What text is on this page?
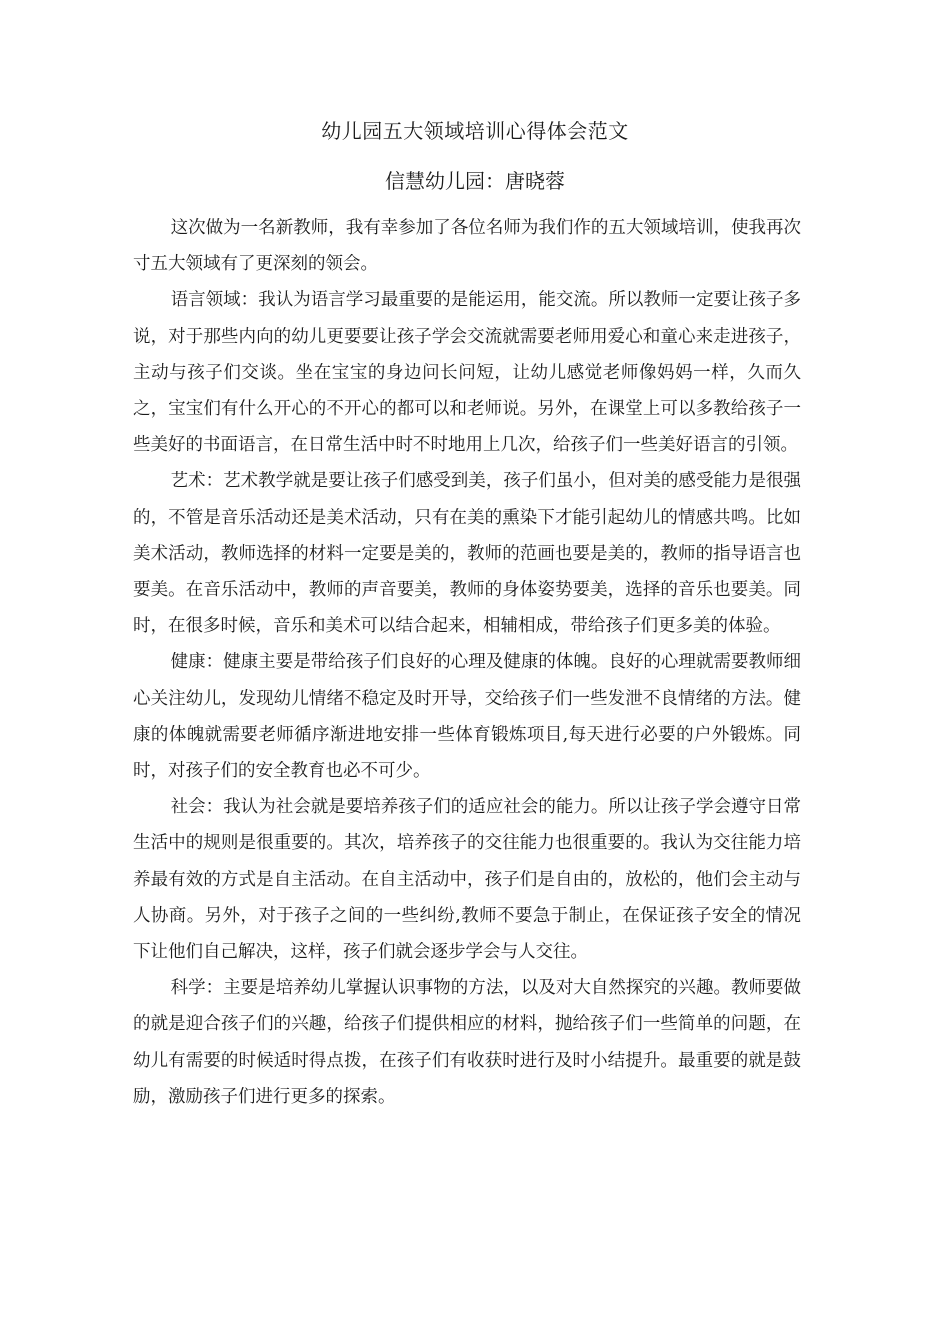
幼儿园五大领域培训心得体会范文
信慧幼儿园：唐晓蓉

这次做为一名新教师，我有幸参加了各位名师为我们作的五大领域培训，使我再次寸五大领域有了更深刻的领会。

语言领域：我认为语言学习最重要的是能运用，能交流。所以教师一定要让孩子多说，对于那些内向的幼儿更要要让孩子学会交流就需要老师用爱心和童心来走进孩子，主动与孩子们交谈。坐在宝宝的身边问长问短，让幼儿感觉老师像妈妈一样，久而久之，宝宝们有什么开心的不开心的都可以和老师说。另外，在课堂上可以多教给孩子一些美好的书面语言，在日常生活中时不时地用上几次，给孩子们一些美好语言的引领。

艺术：艺术教学就是要让孩子们感受到美，孩子们虽小，但对美的感受能力是很强的，不管是音乐活动还是美术活动，只有在美的熏染下才能引起幼儿的情感共鸣。比如美术活动，教师选择的材料一定要是美的，教师的范画也要是美的，教师的指导语言也要美。在音乐活动中，教师的声音要美，教师的身体姿势要美，选择的音乐也要美。同时，在很多时候，音乐和美术可以结合起来，相辅相成，带给孩子们更多美的体验。

健康：健康主要是带给孩子们良好的心理及健康的体魄。良好的心理就需要教师细心关注幼儿，发现幼儿情绪不稳定及时开导，交给孩子们一些发泄不良情绪的方法。健康的体魄就需要老师循序渐进地安排一些体育锻炼项目,每天进行必要的户外锻炼。同时，对孩子们的安全教育也必不可少。

社会：我认为社会就是要培养孩子们的适应社会的能力。所以让孩子学会遵守日常生活中的规则是很重要的。其次，培养孩子的交往能力也很重要的。我认为交往能力培养最有效的方式是自主活动。在自主活动中，孩子们是自由的，放松的，他们会主动与人协商。另外，对于孩子之间的一些纠纷,教师不要急于制止，在保证孩子安全的情况下让他们自己解决，这样，孩子们就会逐步学会与人交往。

科学：主要是培养幼儿掌握认识事物的方法，以及对大自然探究的兴趣。教师要做的就是迎合孩子们的兴趣，给孩子们提供相应的材料，抛给孩子们一些简单的问题，在幼儿有需要的时候适时得点拨，在孩子们有收获时进行及时小结提升。最重要的就是鼓励，激励孩子们进行更多的探索。
